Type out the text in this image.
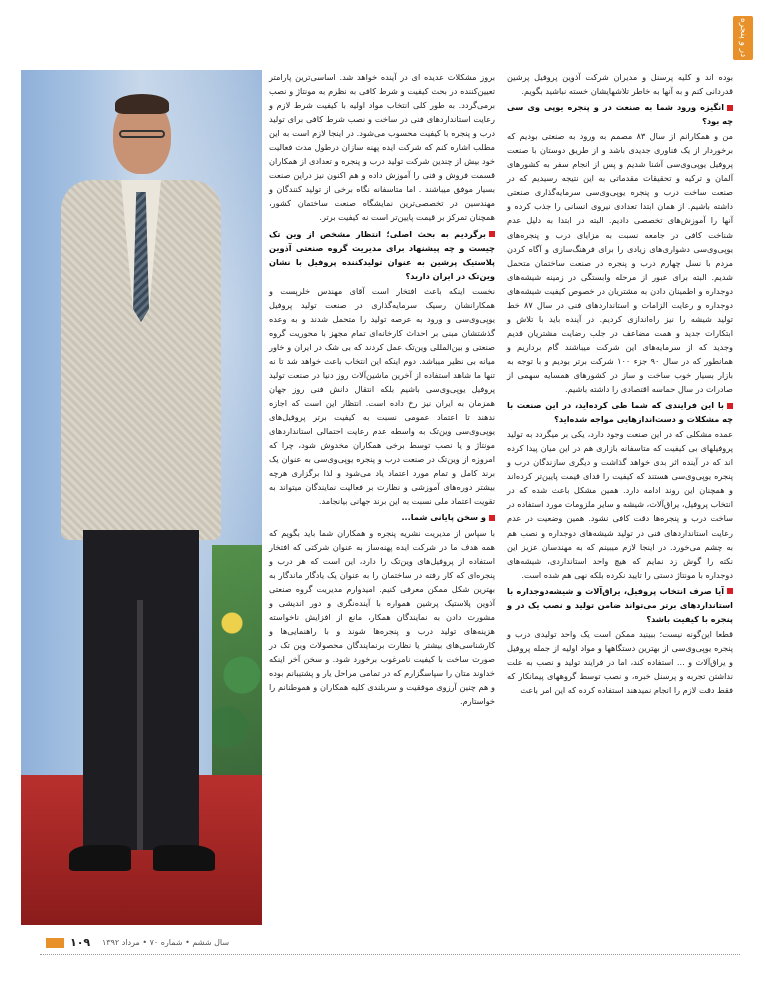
در و پنجره

بوده اند و کلیه پرسنل و مدیران شرکت آذوین پروفیل پرشین قدردانی کنم و به آنها به خاطر تلاشهایشان خسته نباشید بگویم.

انگیزه ورود شما به صنعت در و پنجره یوپی وی سی چه بود؟

من و همکارانم از سال ۸۳ مصمم به ورود به صنعتی بودیم که برخوردار از یک فناوری جدیدی باشد و از طریق دوستان با صنعت پروفیل یوپی‌وی‌سی آشنا شدیم و پس از انجام سفر به کشورهای آلمان و ترکیه و تحقیقات مقدماتی به این نتیجه رسیدیم که در صنعت ساخت درب و پنجره یوپی‌وی‌سی سرمایه‌گذاری صنعتی داشته باشیم. از همان ابتدا تعدادی نیروی انسانی را جذب کرده و آنها را آموزش‌های تخصصی دادیم. البته در ابتدا به دلیل عدم شناخت کافی در جامعه نسبت به مزایای درب و پنجره‌های یوپی‌وی‌سی دشواری‌های زیادی را برای فرهنگ‌سازی و آگاه کردن مردم با نسل چهارم درب و پنجره در صنعت ساختمان متحمل شدیم. البته برای عبور از مرحله وابستگی در زمینه شیشه‌های دوجداره و اطمینان دادن به مشتریان در خصوص کیفیت شیشه‌های دوجداره و رعایت الزامات و استانداردهای فنی در سال ۸۷ خط تولید شیشه را نیز راه‌اندازی کردیم. در آینده باید با تلاش و ابتکارات جدید و همت مضاعف در جلب رضایت مشتریان قدیم وجدید که از سرمایه‌های این شرکت میباشند گام برداریم و همانطور که در سال ۹۰ جزء ۱۰۰ شرکت برتر بودیم و با توجه به بازار بسیار خوب ساخت و ساز در کشورهای همسایه سهمی از صادرات در سال حماسه اقتصادی را داشته باشیم.

با این فرایندی که شما طی کرده‌اید، در این صنعت با چه مشکلات و دست‌اندازهایی مواجه شده‌اید؟

عمده مشکلی که در این صنعت وجود دارد، یکی بر میگردد به تولید پروفیلهای بی کیفیت که متاسفانه بازاری هم در این میان پیدا کرده اند که در آینده اثر بدی خواهد گذاشت و دیگری سازندگان درب و پنجره یوپی‌وی‌سی هستند که کیفیت را فدای قیمت پایین‌تر کرده‌اند و همچنان این روند ادامه دارد. همین مشکل باعث شده که در انتخاب پروفیل، یراق‌آلات، شیشه و سایر ملزومات مورد استفاده در ساخت درب و پنجره‌ها دقت کافی نشود. همین وضعیت در عدم رعایت استانداردهای فنی در تولید شیشه‌های دوجداره و نصب هم به چشم می‌خورد. در اینجا لازم میبینم که به مهندسان عزیز این نکته را گوش زد نمایم که هیچ واحد استانداردی، شیشه‌های دوجداره با مونتاژ دستی را تایید نکرده بلکه نهی هم شده است.

آیا صرف انتخاب پروفیل، یراق‌آلات و شیشه‌دوجداره با استانداردهای برتر می‌تواند ضامن تولید و نصب یک در و پنجره با کیفیت باشد؟

قطعا این‌گونه نیست؛ ببینید ممکن است یک واحد تولیدی درب و پنجره یوپی‌وی‌سی از بهترین دستگاهها و مواد اولیه از جمله پروفیل و یراق‌آلات و ... استفاده کند، اما در فرایند تولید و نصب به علت نداشتن تجربه و پرسنل خبره، و نصب توسط گروههای پیمانکار که فقط دقت لازم را انجام نمیدهند استفاده کرده که این امر باعث

بروز مشکلات عدیده ای در آینده خواهد شد. اساسی‌ترین پارامتر تعیین‌کننده در بحث کیفیت و شرط کافی به نظرم به مونتاژ و نصب برمی‌گردد. به طور کلی انتخاب مواد اولیه با کیفیت شرط لازم و رعایت استانداردهای فنی در ساخت و نصب شرط کافی برای تولید درب و پنجره با کیفیت محسوب می‌شود. در اینجا لازم است به این مطلب اشاره کنم که شرکت ایده پهنه سازان درطول مدت فعالیت خود بیش از چندین شرکت تولید درب و پنجره و تعدادی از همکاران قسمت فروش و فنی را آموزش داده و هم اکنون نیز دراین صنعت بسیار موفق میباشند . اما متاسفانه نگاه برخی از تولید کنندگان و مهندسین در تخصصی‌ترین نمایشگاه صنعت ساختمان کشور، همچنان تمرکز بر قیمت پایین‌تر است نه کیفیت برتر.

برگردیم به بحث اصلی؛ انتظار مشخص از وین تک چیست و چه پیشنهاد برای مدیریت گروه صنعتی آذوین پلاستیک پرشین به عنوان تولیدکننده پروفیل با نشان وین‌تک در ایران دارید؟

نخست اینکه باعث افتخار است آقای مهندس خلرپست و همکارانشان رسیک سرمایه‌گذاری در صنعت تولید پروفیل یوپی‌وی‌سی و ورود به عرصه تولید را متحمل شدند و به وعده گذشتشان مبنی بر احداث کارخانه‌ای تمام مجهز با محوریت گروه صنعتی و بین‌المللی وین‌تک عمل کردند که بی شک در ایران و خاور میانه بی نظیر میباشد. دوم اینکه این انتخاب باعث خواهد شد تا نه تنها ما شاهد استفاده از آخرین ماشین‌آلات روز دنیا در صنعت تولید پروفیل یوپی‌وی‌سی باشیم بلکه انتقال دانش فنی روز جهان همزمان به ایران نیز رخ داده است. انتظار این است که اجازه ندهند تا اعتماد عمومی نسبت به کیفیت برتر پروفیل‌های یوپی‌وی‌سی وین‌تک به واسطه عدم رعایت احتمالی استانداردهای مونتاژ و یا نصب توسط برخی همکاران مخدوش شود، چرا که امروزه از وین‌تک در صنعت درب و پنجره یوپی‌وی‌سی به عنوان یک برند کامل و تمام مورد اعتماد یاد می‌شود و لذا برگزاری هرچه بیشتر دوره‌های آموزشی و نظارت بر فعالیت نمایندگان میتواند به تقویت اعتماد ملی نسبت به این برند جهانی بیانجامد.

و سخن پایانی شما...

با سپاس از مدیریت نشریه پنجره و همکاران شما باید بگویم که همه هدف ما در شرکت ایده پهنه‌ساز به عنوان شرکتی که افتخار استفاده از پروفیل‌های وین‌تک را دارد، این است که هر درب و پنجره‌ای که کار رفته در ساختمان را به عنوان یک یادگار ماندگار به بهترین شکل ممکن معرفی کنیم. امیدوارم مدیریت گروه صنعتی آذوین پلاستیک پرشین همواره با آینده‌نگری و دور اندیشی و مشورت دادن به نمایندگان همکار، مانع از افزایش ناخواسته هزینه‌های تولید درب و پنجره‌ها شوند و با راهنمایی‌ها و کارشناسی‌های بیشتر یا نظارت برنمایندگان محصولات وین تک در صورت ساخت با کیفیت نامرغوب برخورد شود. و سخن آخر اینکه خداوند متان را سپاسگزارم که در تمامی مراحل یار و پشتیبانم بوده و هم چنین آرزوی موفقیت و سربلندی کلیه همکاران و هموطنانم را خواستارم.

۱۰۹ سال ششم • شماره ۷۰ • مرداد ۱۳۹۲
